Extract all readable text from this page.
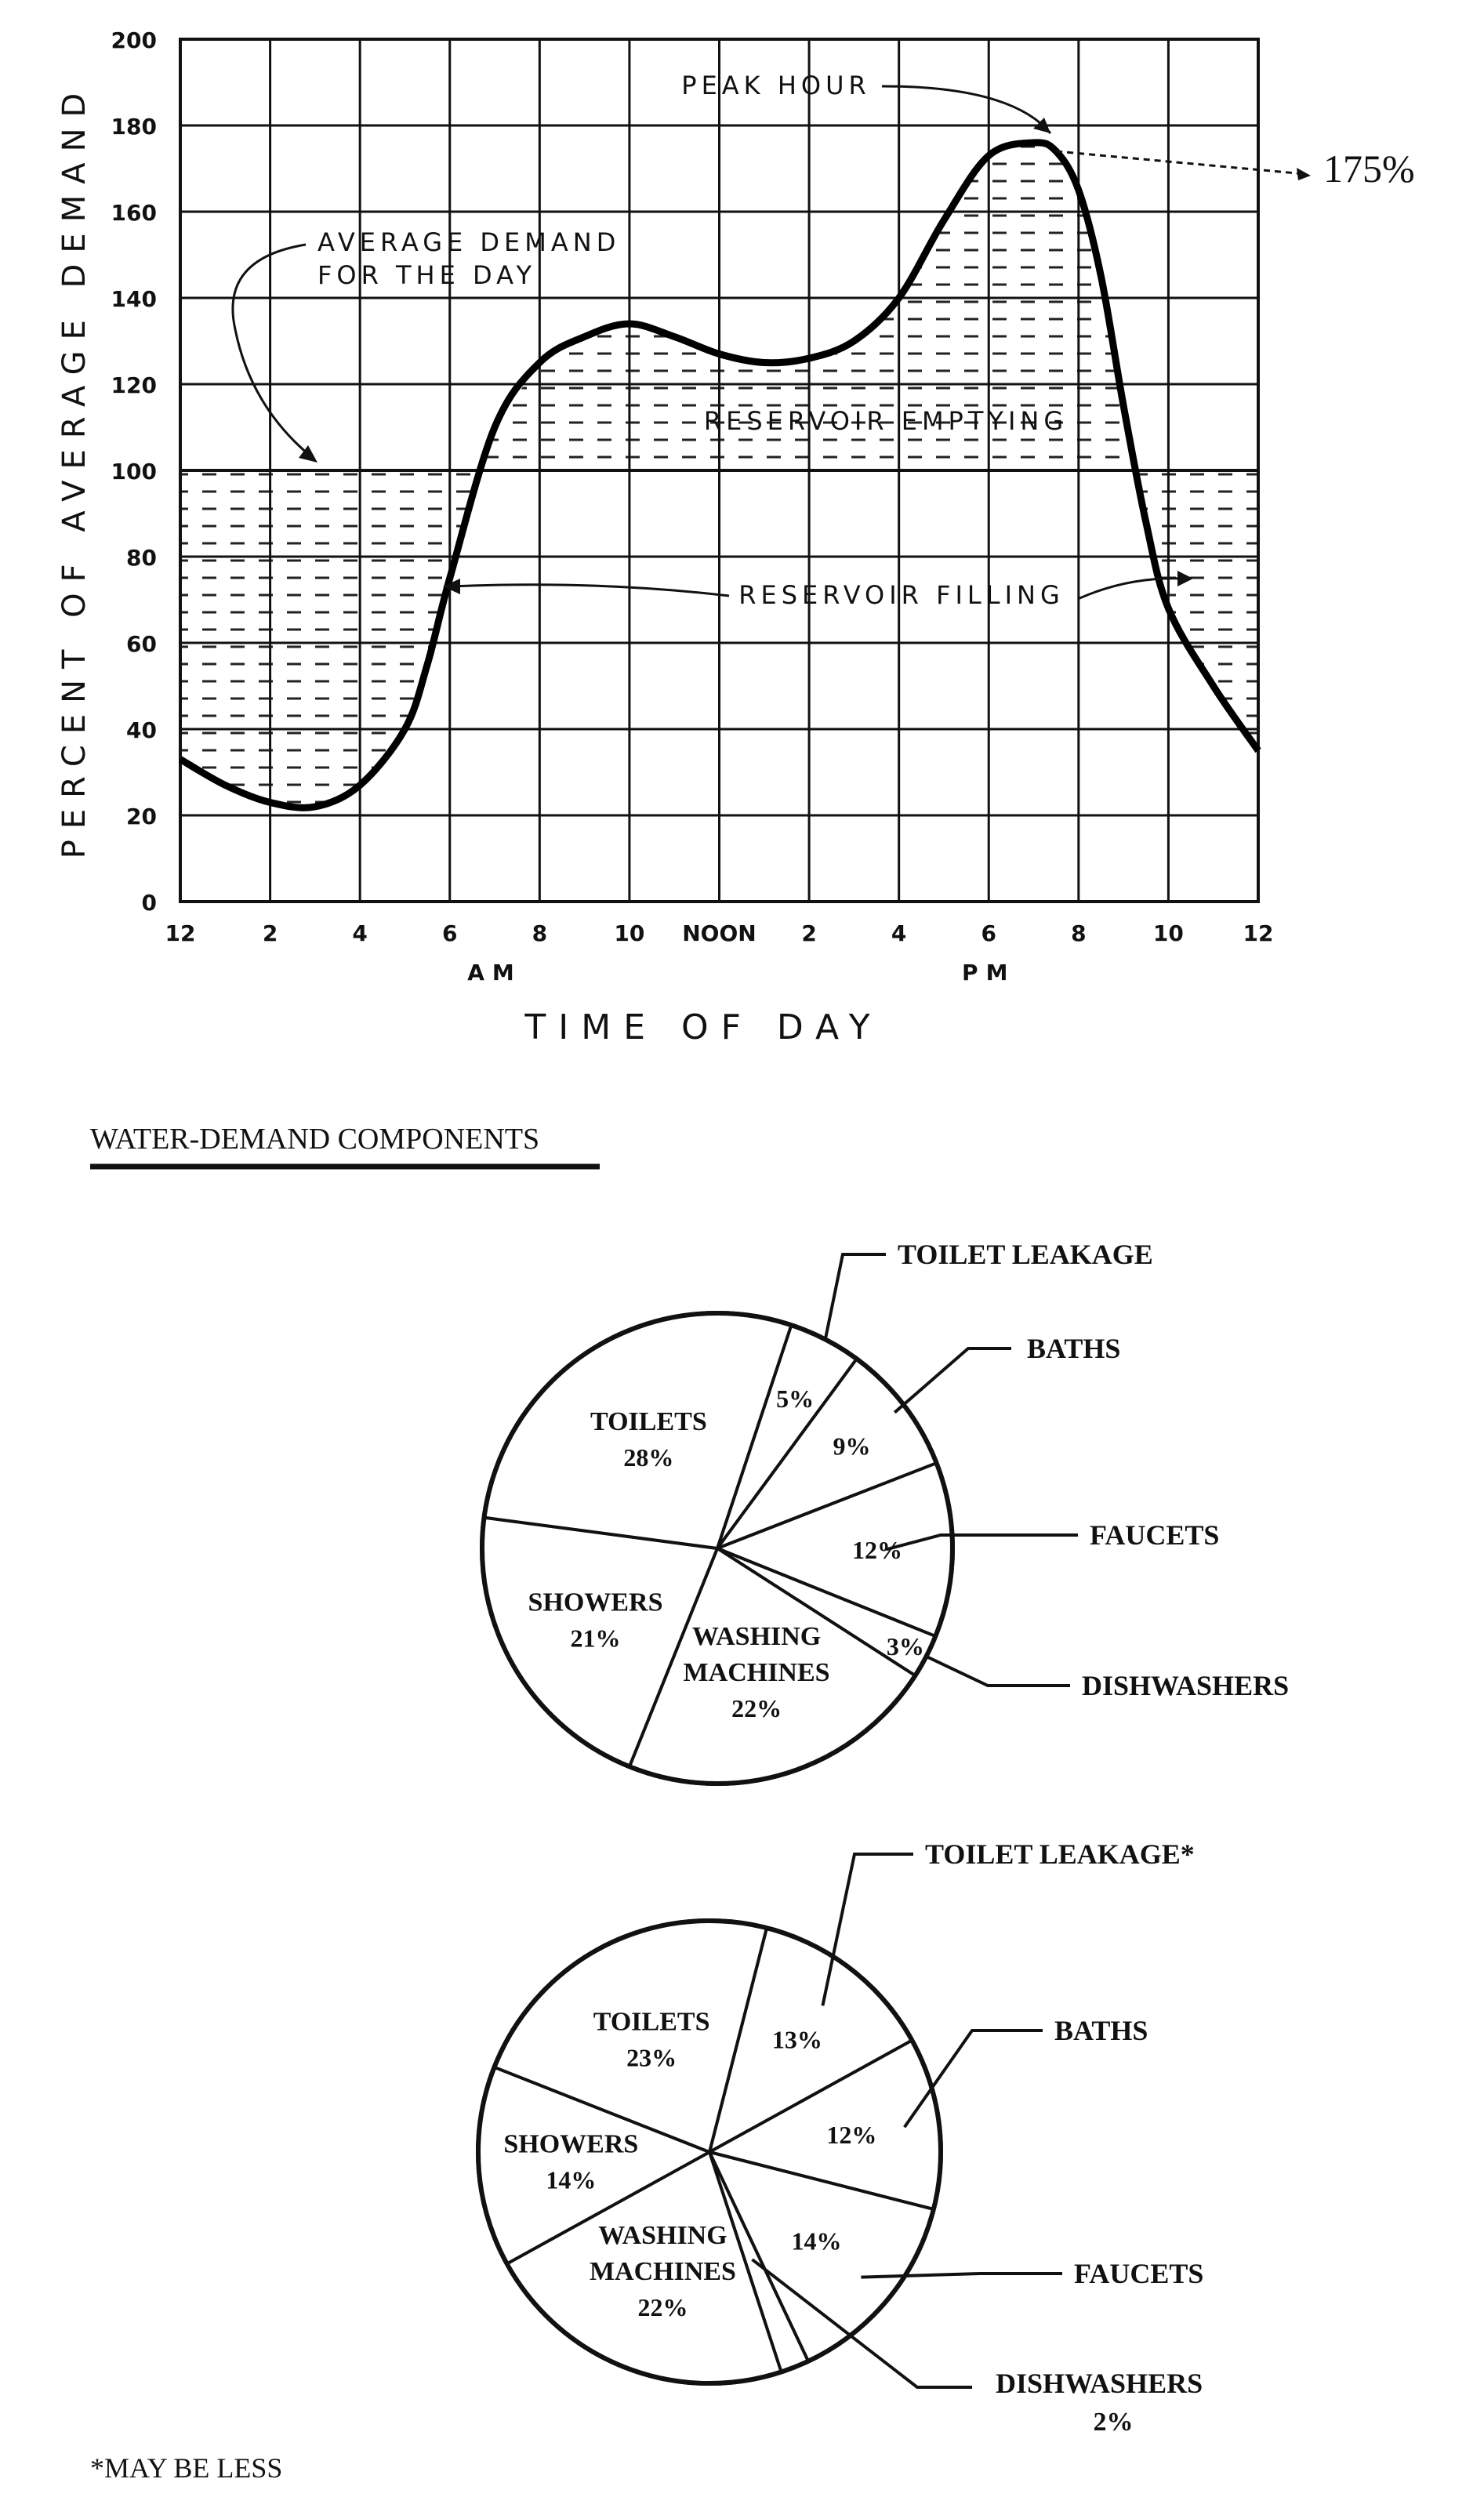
0
20
40
60
80
100
120
140
160
180
200
12	2	4	6	8	10 NOON 2	4	6	8	10	12
AM	PM
TIME OF DAY
PERCENT OF AVERAGE DEMAND	PEAK HOUR
175%
AVERAGE DEMAND
FOR THE DAY
RESERVOIR EMPTYING
RESERVOIR FILLING
WATER-DEMAND COMPONENTS
5%
TOILET LEAKAGE
9%
BATHS
12%	FAUCETS
3%
DISHWASHERS
WASHING
MACHINES
22%
SHOWERS
21%
TOILETS
28%
13%
TOILET LEAKAGE*
12%
BATHS
14%
FAUCETS
DISHWASHERS
2%
WASHING
MACHINES
22%
SHOWERS
14%
TOILETS
23%
*MAY BE LESS
